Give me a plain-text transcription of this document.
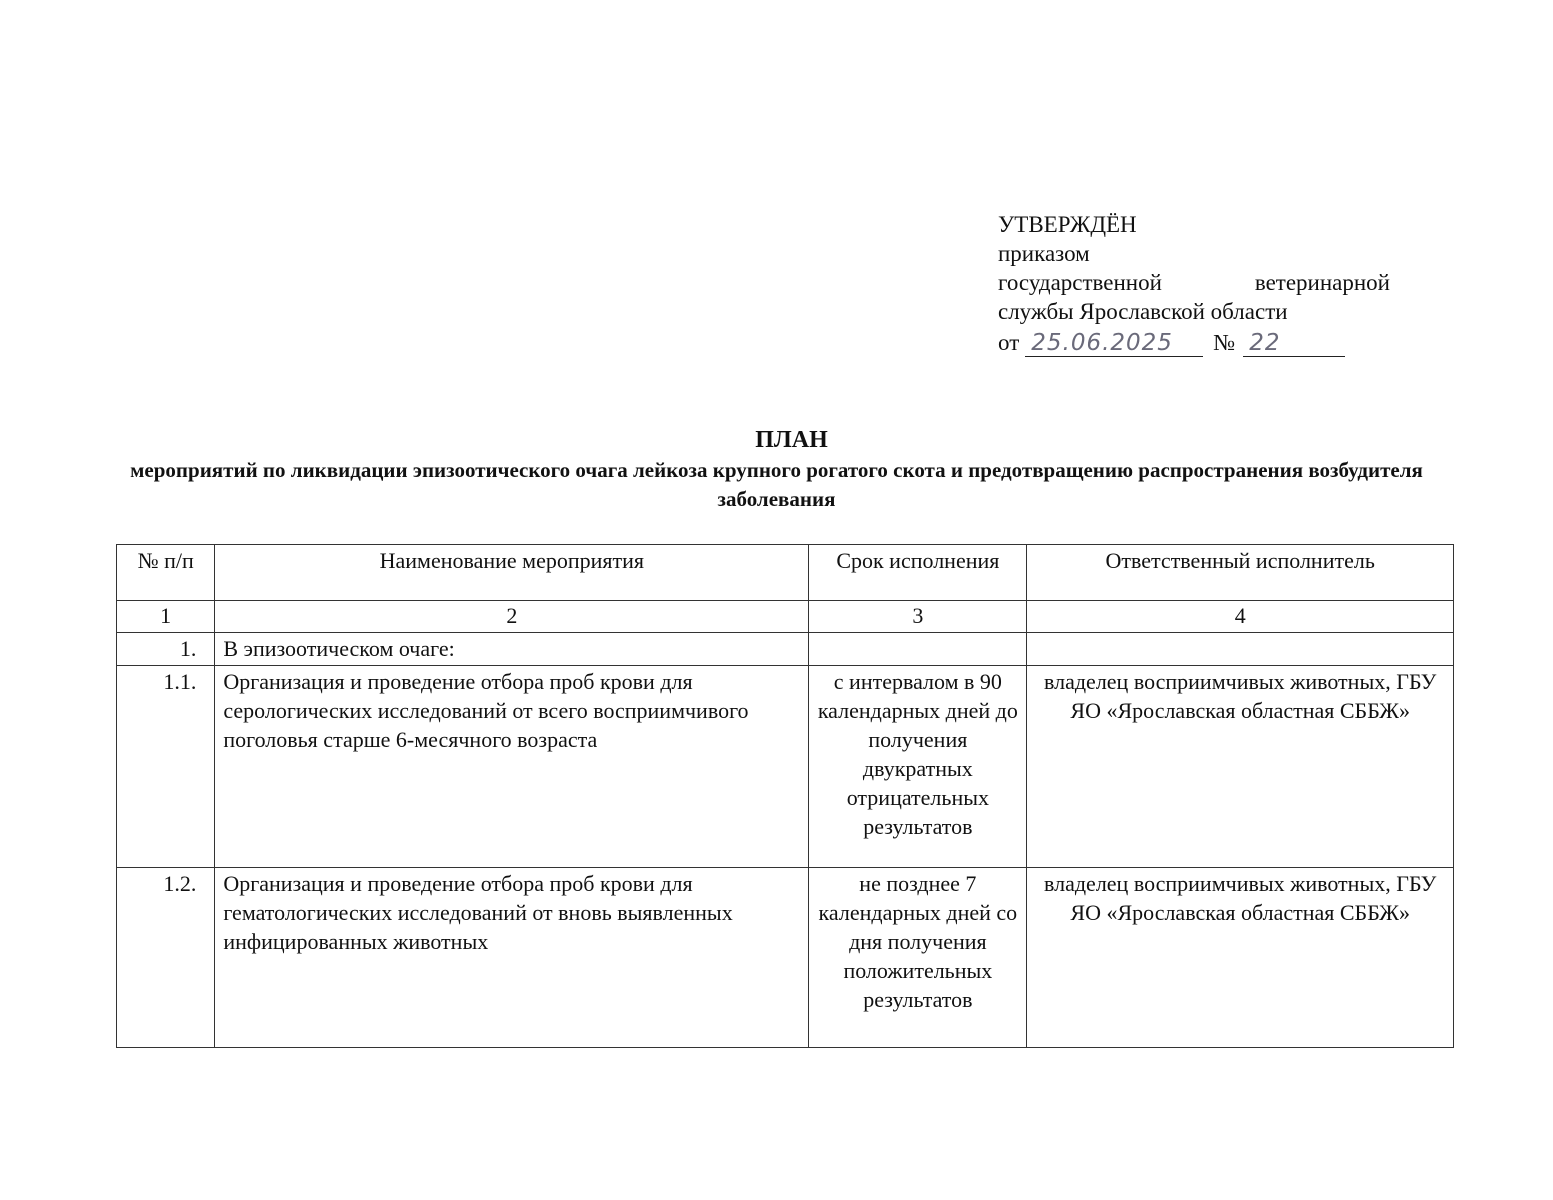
УТВЕРЖДЁН
приказом
государственной	ветеринарной
службы Ярославской области
от 25.06.2025	№ 22
ПЛАН
мероприятий по ликвидации эпизоотического очага лейкоза крупного рогатого скота и предотвращению распространения возбудителя заболевания
№ п/п	Наименование мероприятия	Срок исполнения	Ответственный исполнитель
1	2	3	4
1.	В эпизоотическом очаге:		
1.1.	Организация и проведение отбора проб крови для серологических исследований от всего восприимчивого поголовья старше 6-месячного возраста	с интервалом в 90 календарных дней до получения двукратных отрицательных результатов	владелец восприимчивых животных, ГБУ ЯО «Ярославская областная СББЖ»
1.2.	Организация и проведение отбора проб крови для гематологических исследований от вновь выявленных инфицированных животных	не позднее 7 календарных дней со дня получения положительных результатов	владелец восприимчивых животных, ГБУ ЯО «Ярославская областная СББЖ»
